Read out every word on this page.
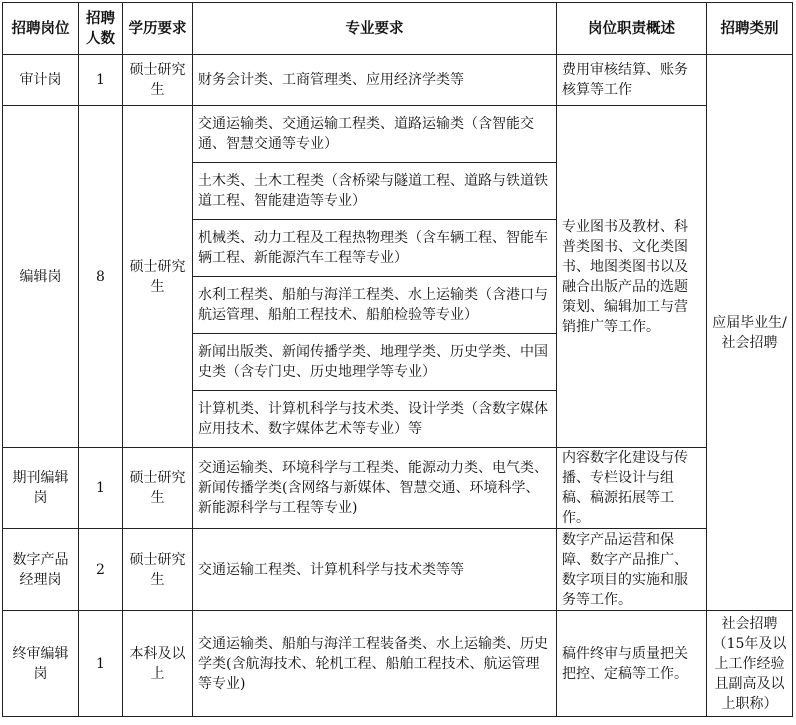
招聘岗位	招聘人数	学历要求	专业要求	岗位职责概述	招聘类别
审计岗	1	硕士研究生	财务会计类、工商管理类、应用经济学类等	费用审核结算、账务核算等工作	应届毕业生/社会招聘
编辑岗	8	硕士研究生	交通运输类、交通运输工程类、道路运输类（含智能交通、智慧交通等专业）	专业图书及教材、科普类图书、文化类图书、地图类图书以及融合出版产品的选题策划、编辑加工与营销推广等工作。	
			土木类、土木工程类（含桥梁与隧道工程、道路与铁道铁道工程、智能建造等专业）		
			机械类、动力工程及工程热物理类（含车辆工程、智能车辆工程、新能源汽车工程等专业）		
			水利工程类、船舶与海洋工程类、水上运输类（含港口与航运管理、船舶工程技术、船舶检验等专业）		
			新闻出版类、新闻传播学类、地理学类、历史学类、中国史类（含专门史、历史地理学等专业）		
			计算机类、计算机科学与技术类、设计学类（含数字媒体应用技术、数字媒体艺术等专业）等		
期刊编辑岗	1	硕士研究生	交通运输类、环境科学与工程类、能源动力类、电气类、新闻传播学类(含网络与新媒体、智慧交通、环境科学、新能源科学与工程等专业)	内容数字化建设与传播、专栏设计与组稿、稿源拓展等工作。	
数字产品经理岗	2	硕士研究生	交通运输工程类、计算机科学与技术类等等	数字产品运营和保障、数字产品推广、数字项目的实施和服务等工作。	
终审编辑岗	1	本科及以上	交通运输类、船舶与海洋工程装备类、水上运输类、历史学类(含航海技术、轮机工程、船舶工程技术、航运管理等专业)	稿件终审与质量把关把控、定稿等工作。	社会招聘（15年及以上工作经验且副高及以上职称）
